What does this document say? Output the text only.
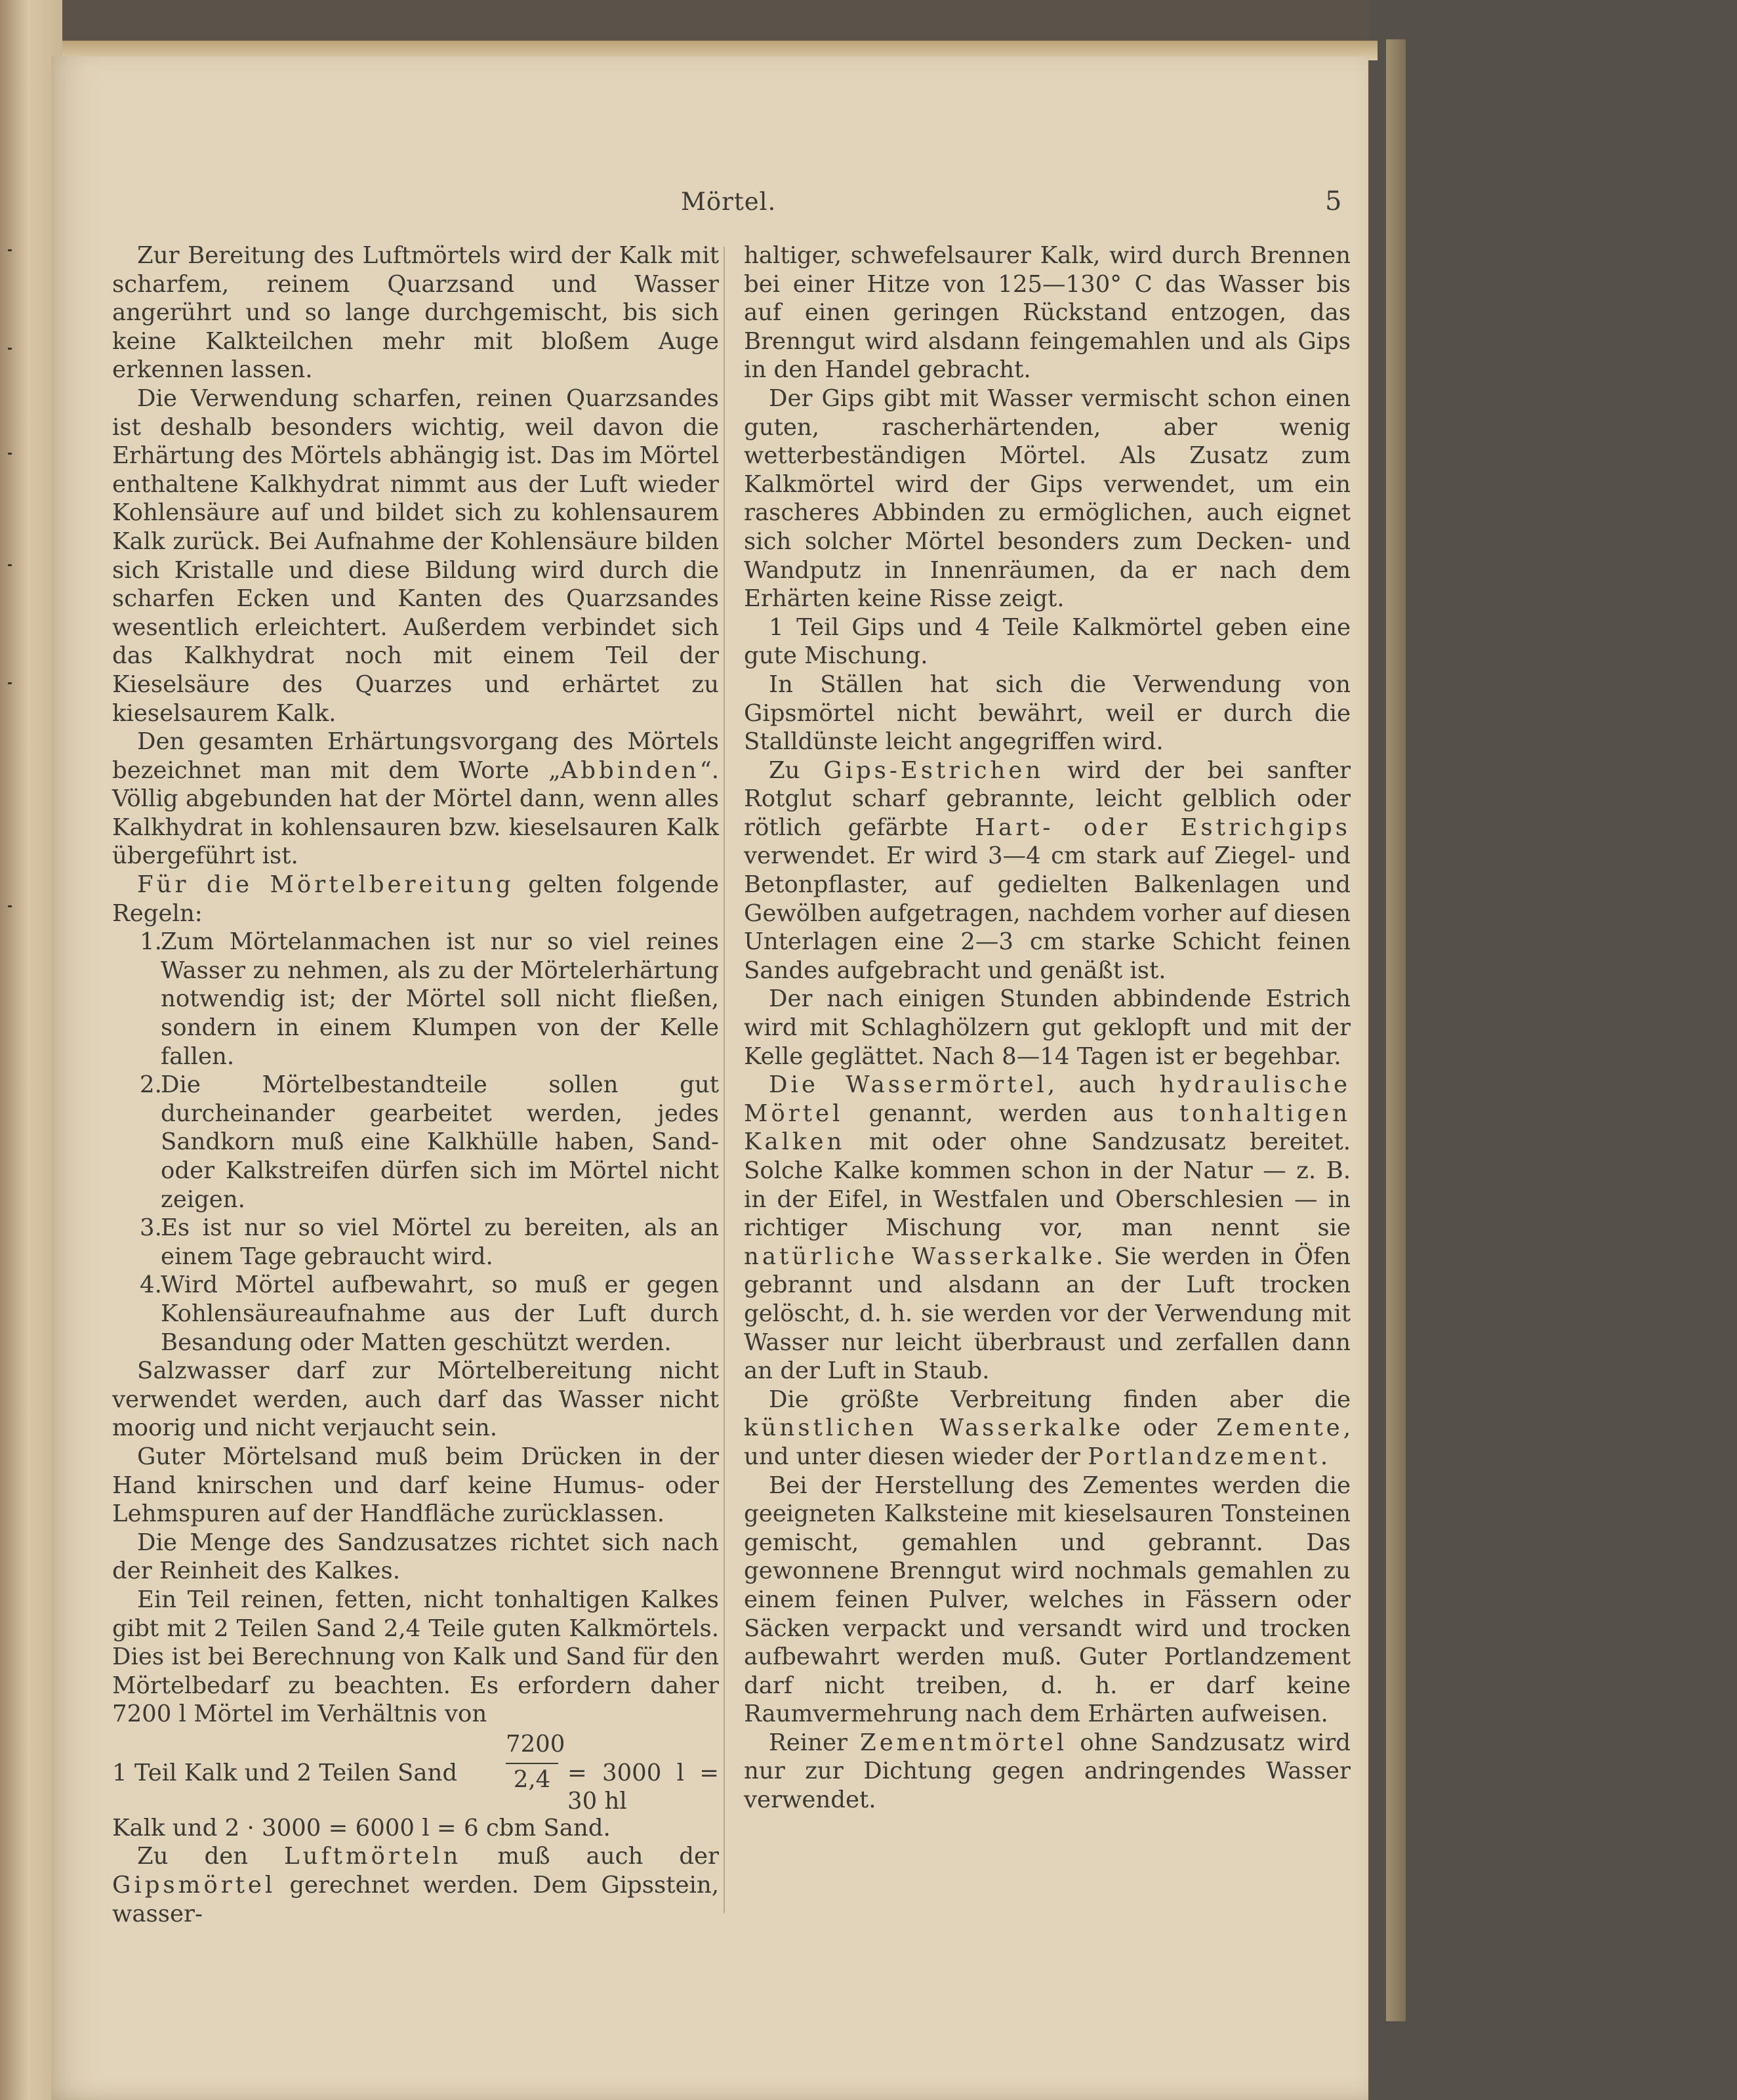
Mörtel.	5

Zur Bereitung des Luftmörtels wird der Kalk mit scharfem, reinem Quarzsand und Wasser angerührt und so lange durchgemischt, bis sich keine Kalkteilchen mehr mit bloßem Auge erkennen lassen.

Die Verwendung scharfen, reinen Quarzsandes ist deshalb besonders wichtig, weil davon die Erhärtung des Mörtels abhängig ist. Das im Mörtel enthaltene Kalkhydrat nimmt aus der Luft wieder Kohlensäure auf und bildet sich zu kohlensaurem Kalk zurück. Bei Aufnahme der Kohlensäure bilden sich Kristalle und diese Bildung wird durch die scharfen Ecken und Kanten des Quarzsandes wesentlich erleichtert. Außerdem verbindet sich das Kalkhydrat noch mit einem Teil der Kieselsäure des Quarzes und erhärtet zu kieselsaurem Kalk.

Den gesamten Erhärtungsvorgang des Mörtels bezeichnet man mit dem Worte „Abbinden“. Völlig abgebunden hat der Mörtel dann, wenn alles Kalkhydrat in kohlensauren bzw. kieselsauren Kalk übergeführt ist.

Für die Mörtelbereitung gelten folgende Regeln:

1.
Zum Mörtelanmachen ist nur so viel reines Wasser zu nehmen, als zu der Mörtelerhärtung notwendig ist; der Mörtel soll nicht fließen, sondern in einem Klumpen von der Kelle fallen.

2.
Die Mörtelbestandteile sollen gut durcheinander gearbeitet werden, jedes Sandkorn muß eine Kalkhülle haben, Sand- oder Kalkstreifen dürfen sich im Mörtel nicht zeigen.

3.
Es ist nur so viel Mörtel zu bereiten, als an einem Tage gebraucht wird.

4.
Wird Mörtel aufbewahrt, so muß er gegen Kohlensäureaufnahme aus der Luft durch Besandung oder Matten geschützt werden.

Salzwasser darf zur Mörtelbereitung nicht verwendet werden, auch darf das Wasser nicht moorig und nicht verjaucht sein.

Guter Mörtelsand muß beim Drücken in der Hand knirschen und darf keine Humus- oder Lehmspuren auf der Handfläche zurücklassen.

Die Menge des Sandzusatzes richtet sich nach der Reinheit des Kalkes.

Ein Teil reinen, fetten, nicht tonhaltigen Kalkes gibt mit 2 Teilen Sand 2,4 Teile guten Kalkmörtels. Dies ist bei Berechnung von Kalk und Sand für den Mörtelbedarf zu beachten. Es erfordern daher 7200 l Mörtel im Verhältnis von

1 Teil Kalk und 2 Teilen Sand
7200
2,4 = 3000 l = 30 hl

Kalk und 2 · 3000 = 6000 l = 6 cbm Sand.

Zu den Luftmörteln muß auch der Gipsmörtel gerechnet werden. Dem Gipsstein, wasser-

haltiger, schwefelsaurer Kalk, wird durch Brennen bei einer Hitze von 125—130° C das Wasser bis auf einen geringen Rückstand entzogen, das Brenngut wird alsdann feingemahlen und als Gips in den Handel gebracht.

Der Gips gibt mit Wasser vermischt schon einen guten, rascherhärtenden, aber wenig wetterbeständigen Mörtel. Als Zusatz zum Kalkmörtel wird der Gips verwendet, um ein rascheres Abbinden zu ermöglichen, auch eignet sich solcher Mörtel besonders zum Decken- und Wandputz in Innenräumen, da er nach dem Erhärten keine Risse zeigt.

1 Teil Gips und 4 Teile Kalkmörtel geben eine gute Mischung.

In Ställen hat sich die Verwendung von Gipsmörtel nicht bewährt, weil er durch die Stalldünste leicht angegriffen wird.

Zu Gips-Estrichen wird der bei sanfter Rotglut scharf gebrannte, leicht gelblich oder rötlich gefärbte Hart- oder Estrichgips verwendet. Er wird 3—4 cm stark auf Ziegel- und Betonpflaster, auf gedielten Balkenlagen und Gewölben aufgetragen, nachdem vorher auf diesen Unterlagen eine 2—3 cm starke Schicht feinen Sandes aufgebracht und genäßt ist.

Der nach einigen Stunden abbindende Estrich wird mit Schlaghölzern gut geklopft und mit der Kelle geglättet. Nach 8—14 Tagen ist er begehbar.

Die Wassermörtel, auch hydraulische Mörtel genannt, werden aus tonhaltigen Kalken mit oder ohne Sandzusatz bereitet. Solche Kalke kommen schon in der Natur — z. B. in der Eifel, in Westfalen und Oberschlesien — in richtiger Mischung vor, man nennt sie natürliche Wasserkalke. Sie werden in Öfen gebrannt und alsdann an der Luft trocken gelöscht, d. h. sie werden vor der Verwendung mit Wasser nur leicht überbraust und zerfallen dann an der Luft in Staub.

Die größte Verbreitung finden aber die künstlichen Wasserkalke oder Zemente, und unter diesen wieder der Portlandzement.

Bei der Herstellung des Zementes werden die geeigneten Kalksteine mit kieselsauren Tonsteinen gemischt, gemahlen und gebrannt. Das gewonnene Brenngut wird nochmals gemahlen zu einem feinen Pulver, welches in Fässern oder Säcken verpackt und versandt wird und trocken aufbewahrt werden muß. Guter Portlandzement darf nicht treiben, d. h. er darf keine Raumvermehrung nach dem Erhärten aufweisen.

Reiner Zementmörtel ohne Sandzusatz wird nur zur Dichtung gegen andringendes Wasser verwendet.
